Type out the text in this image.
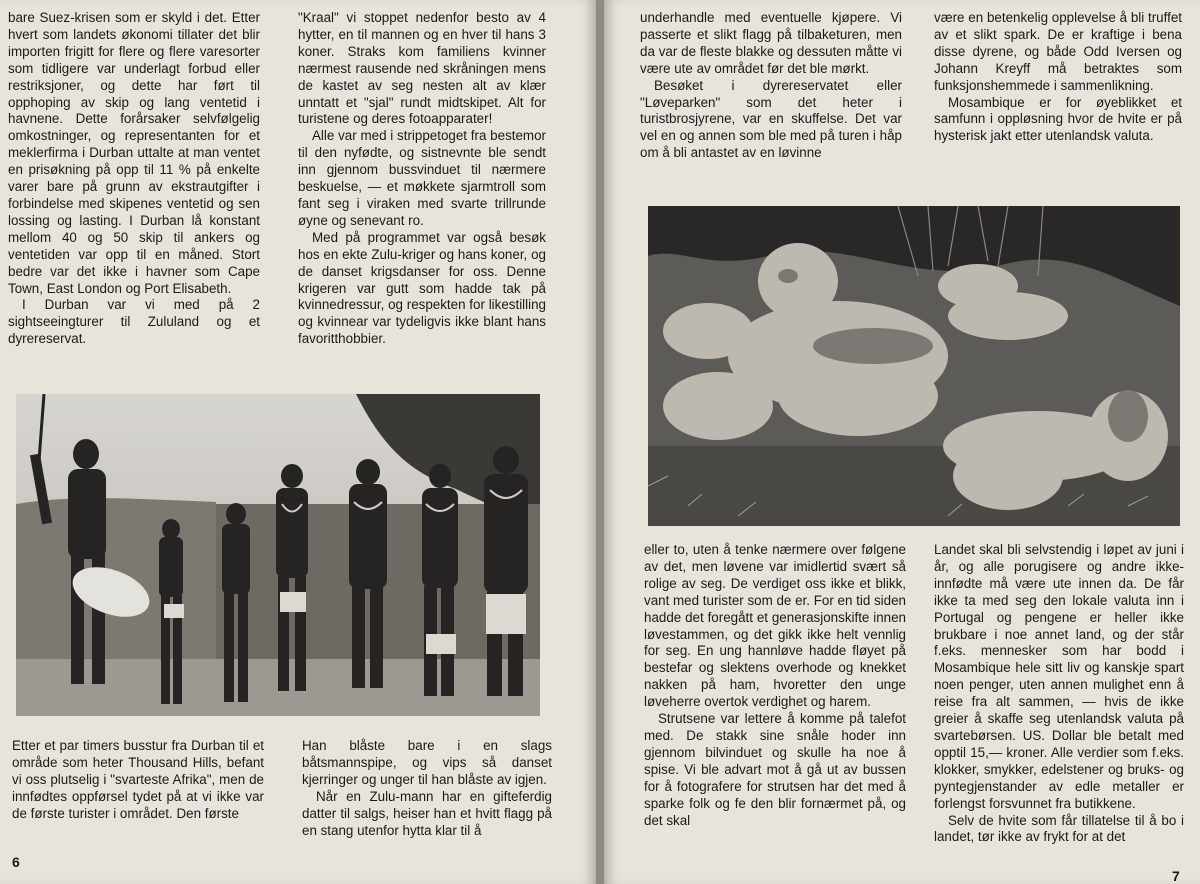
bare Suez-krisen som er skyld i det. Etter hvert som landets økonomi tillater det blir importen frigitt for flere og flere varesorter som tidligere var underlagt forbud eller restriksjoner, og dette har ført til opphoping av skip og lang ventetid i havnene. Dette forårsaker selvfølgelig omkostninger, og representanten for et meklerfirma i Durban uttalte at man ventet en prisøkning på opp til 11 % på enkelte varer bare på grunn av ekstrautgifter i forbindelse med skipenes ventetid og sen lossing og lasting. I Durban lå konstant mellom 40 og 50 skip til ankers og ventetiden var opp til en måned. Stort bedre var det ikke i havner som Cape Town, East London og Port Elisabeth.

I Durban var vi med på 2 sightseeingturer til Zululand og et dyrereservat.

"Kraal" vi stoppet nedenfor besto av 4 hytter, en til mannen og en hver til hans 3 koner. Straks kom familiens kvinner nærmest rausende ned skråningen mens de kastet av seg nesten alt av klær unntatt et "sjal" rundt midtskipet. Alt for turistene og deres fotoapparater!

Alle var med i strippetoget fra bestemor til den nyfødte, og sistnevnte ble sendt inn gjennom bussvinduet til nærmere beskuelse, — et møkkete sjarmtroll som fant seg i viraken med svarte trillrunde øyne og senevant ro.

Med på programmet var også besøk hos en ekte Zulu-kriger og hans koner, og de danset krigsdanser for oss. Denne krigeren var gutt som hadde tak på kvinnedressur, og respekten for likestilling og kvinnear var tydeligvis ikke blant hans favoritthobbier.

Etter et par timers busstur fra Durban til et område som heter Thousand Hills, befant vi oss plutselig i "svarteste Afrika", men de innfødtes oppførsel tydet på at vi ikke var de første turister i området. Den første

Han blåste bare i en slags båtsmannspipe, og vips så danset kjerringer og unger til han blåste av igjen.

Når en Zulu-mann har en gifteferdig datter til salgs, heiser han et hvitt flagg på en stang utenfor hytta klar til å

6

underhandle med eventuelle kjøpere. Vi passerte et slikt flagg på tilbaketuren, men da var de fleste blakke og dessuten måtte vi være ute av området før det ble mørkt.

Besøket i dyrereservatet eller "Løveparken" som det heter i turistbrosjyrene, var en skuffelse. Det var vel en og annen som ble med på turen i håp om å bli antastet av en løvinne

være en betenkelig opplevelse å bli truffet av et slikt spark. De er kraftige i bena disse dyrene, og både Odd Iversen og Johann Kreyff må betraktes som funksjonshemmede i sammenlikning.

Mosambique er for øyeblikket et samfunn i oppløsning hvor de hvite er på hysterisk jakt etter utenlandsk valuta.

eller to, uten å tenke nærmere over følgene av det, men løvene var imidlertid svært så rolige av seg. De verdiget oss ikke et blikk, vant med turister som de er. For en tid siden hadde det foregått et generasjonskifte innen løvestammen, og det gikk ikke helt vennlig for seg. En ung hannløve hadde fløyet på bestefar og slektens overhode og knekket nakken på ham, hvoretter den unge løveherre overtok verdighet og harem.

Strutsene var lettere å komme på talefot med. De stakk sine snåle hoder inn gjennom bilvinduet og skulle ha noe å spise. Vi ble advart mot å gå ut av bussen for å fotografere for strutsen har det med å sparke folk og fe den blir fornærmet på, og det skal

Landet skal bli selvstendig i løpet av juni i år, og alle porugisere og andre ikke-innfødte må være ute innen da. De får ikke ta med seg den lokale valuta inn i Portugal og pengene er heller ikke brukbare i noe annet land, og der står f.eks. mennesker som har bodd i Mosambique hele sitt liv og kanskje spart noen penger, uten annen mulighet enn å reise fra alt sammen, — hvis de ikke greier å skaffe seg utenlandsk valuta på svartebørsen. US. Dollar ble betalt med opptil 15,— kroner. Alle verdier som f.eks. klokker, smykker, edelstener og bruks- og pyntegjenstander av edle metaller er forlengst forsvunnet fra butikkene.

Selv de hvite som får tillatelse til å bo i landet, tør ikke av frykt for at det

7
